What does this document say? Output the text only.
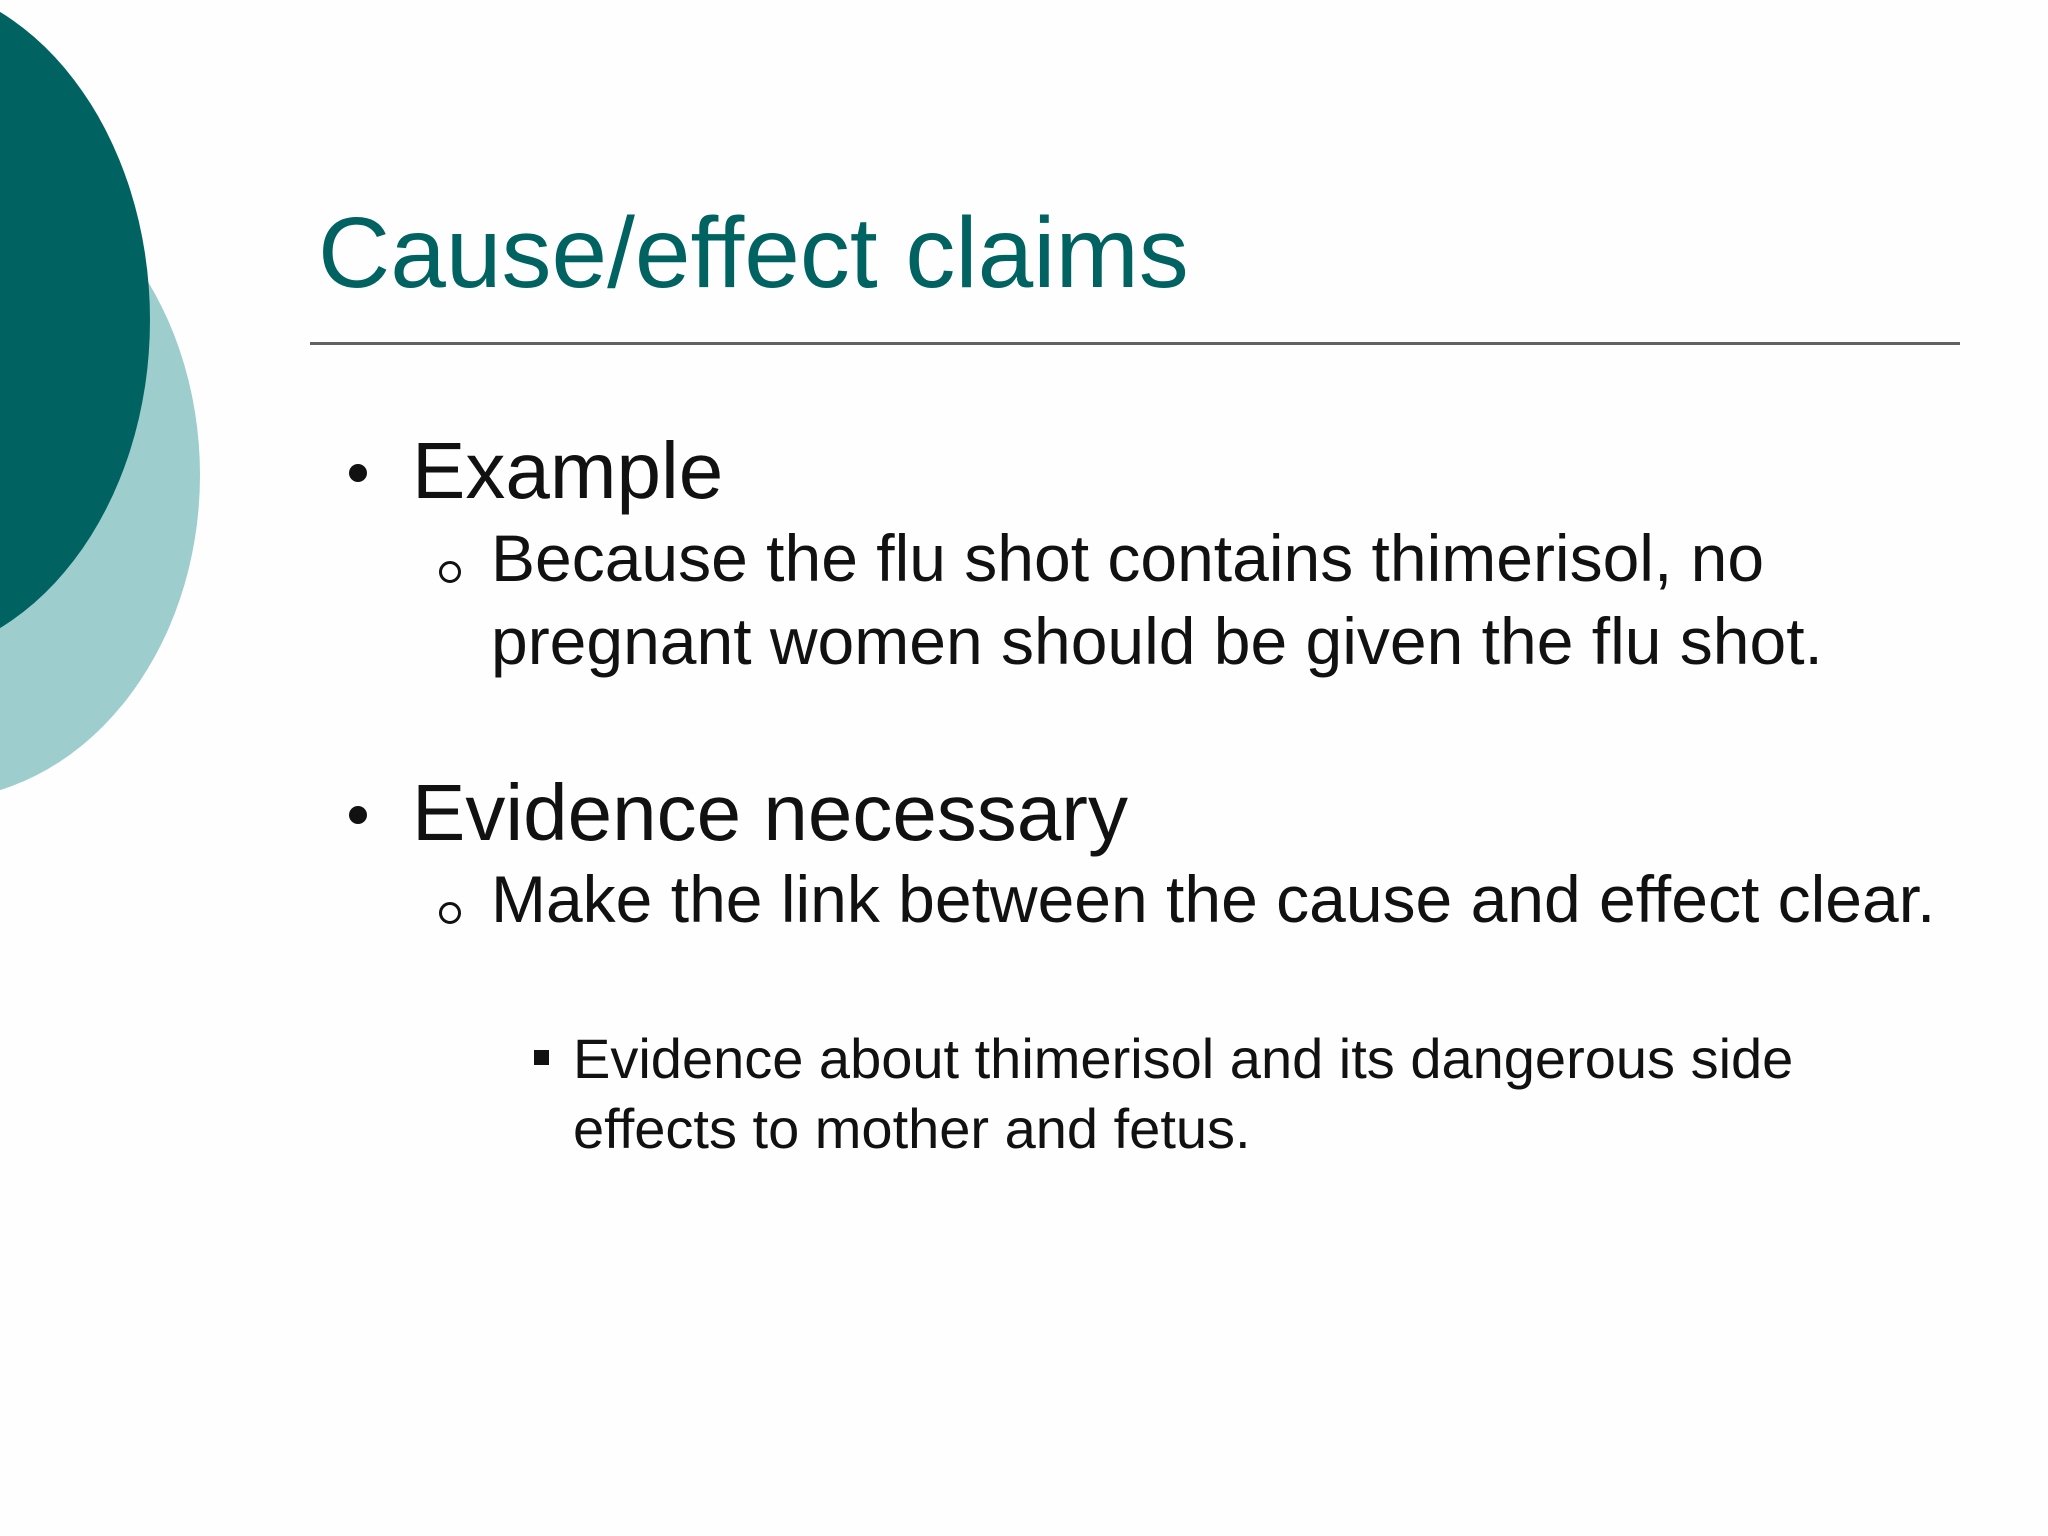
Cause/effect claims
Example
Because the flu shot contains thimerisol, no pregnant women should be given the flu shot.
Evidence necessary
Make the link between the cause and effect clear.
Evidence about thimerisol and its dangerous side effects to mother and fetus.
